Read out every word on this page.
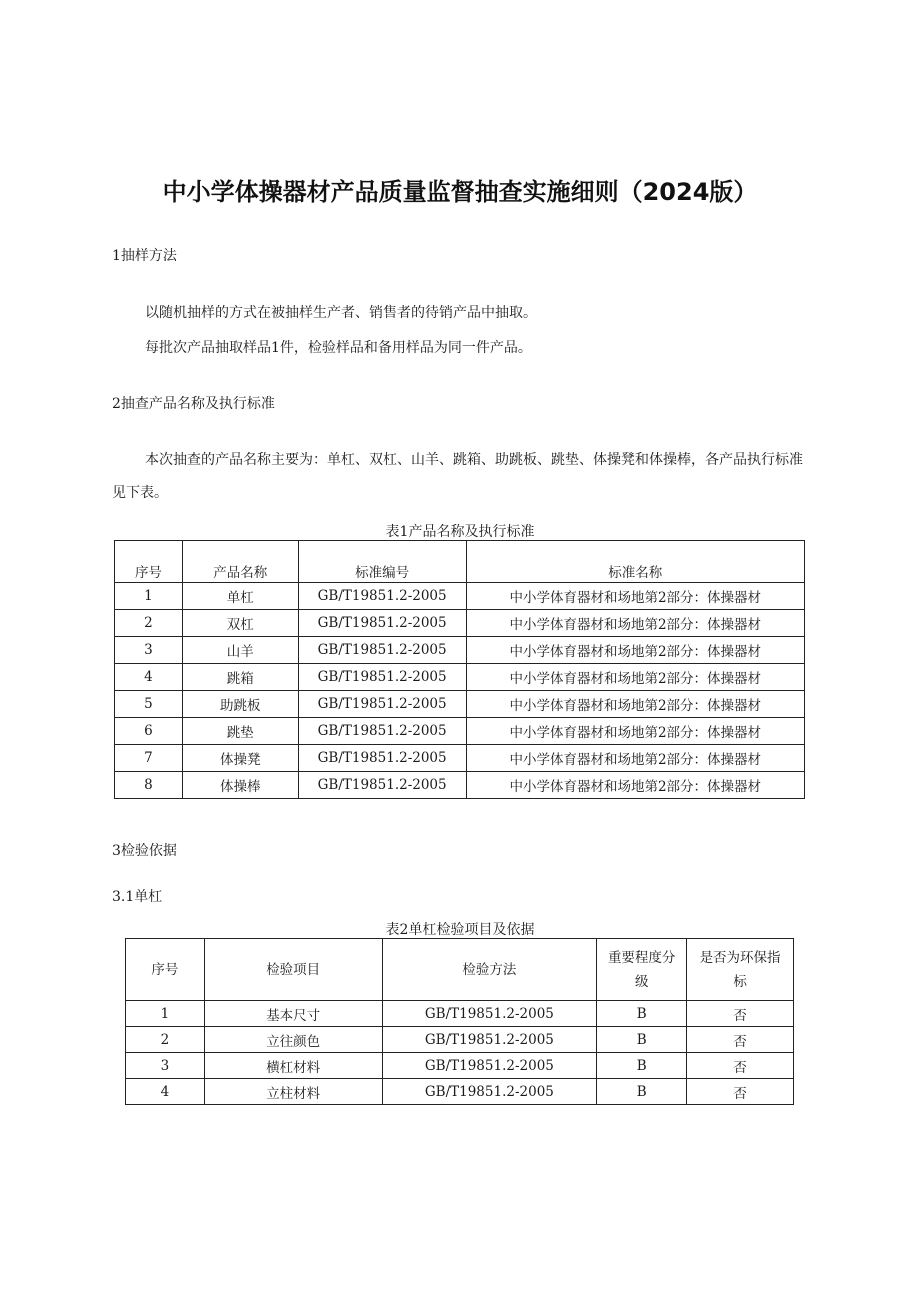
中小学体操器材产品质量监督抽查实施细则（2024版）
1抽样方法
以随机抽样的方式在被抽样生产者、销售者的待销产品中抽取。
每批次产品抽取样品1件，检验样品和备用样品为同一件产品。
2抽查产品名称及执行标准
本次抽查的产品名称主要为：单杠、双杠、山羊、跳箱、助跳板、跳垫、体操凳和体操棒，各产品执行标准见下表。
表1产品名称及执行标准
序号	产品名称	标准编号	标准名称
1	单杠	GB/T19851.2-2005	中小学体育器材和场地第2部分：体操器材
2	双杠	GB/T19851.2-2005	中小学体育器材和场地第2部分：体操器材
3	山羊	GB/T19851.2-2005	中小学体育器材和场地第2部分：体操器材
4	跳箱	GB/T19851.2-2005	中小学体育器材和场地第2部分：体操器材
5	助跳板	GB/T19851.2-2005	中小学体育器材和场地第2部分：体操器材
6	跳垫	GB/T19851.2-2005	中小学体育器材和场地第2部分：体操器材
7	体操凳	GB/T19851.2-2005	中小学体育器材和场地第2部分：体操器材
8	体操棒	GB/T19851.2-2005	中小学体育器材和场地第2部分：体操器材
3检验依据
3.1单杠
表2单杠检验项目及依据
序号	检验项目	检验方法	重要程度分级	是否为环保指标
1	基本尺寸	GB/T19851.2-2005	B	否
2	立往颜色	GB/T19851.2-2005	B	否
3	横杠材料	GB/T19851.2-2005	B	否
4	立柱材料	GB/T19851.2-2005	B	否
